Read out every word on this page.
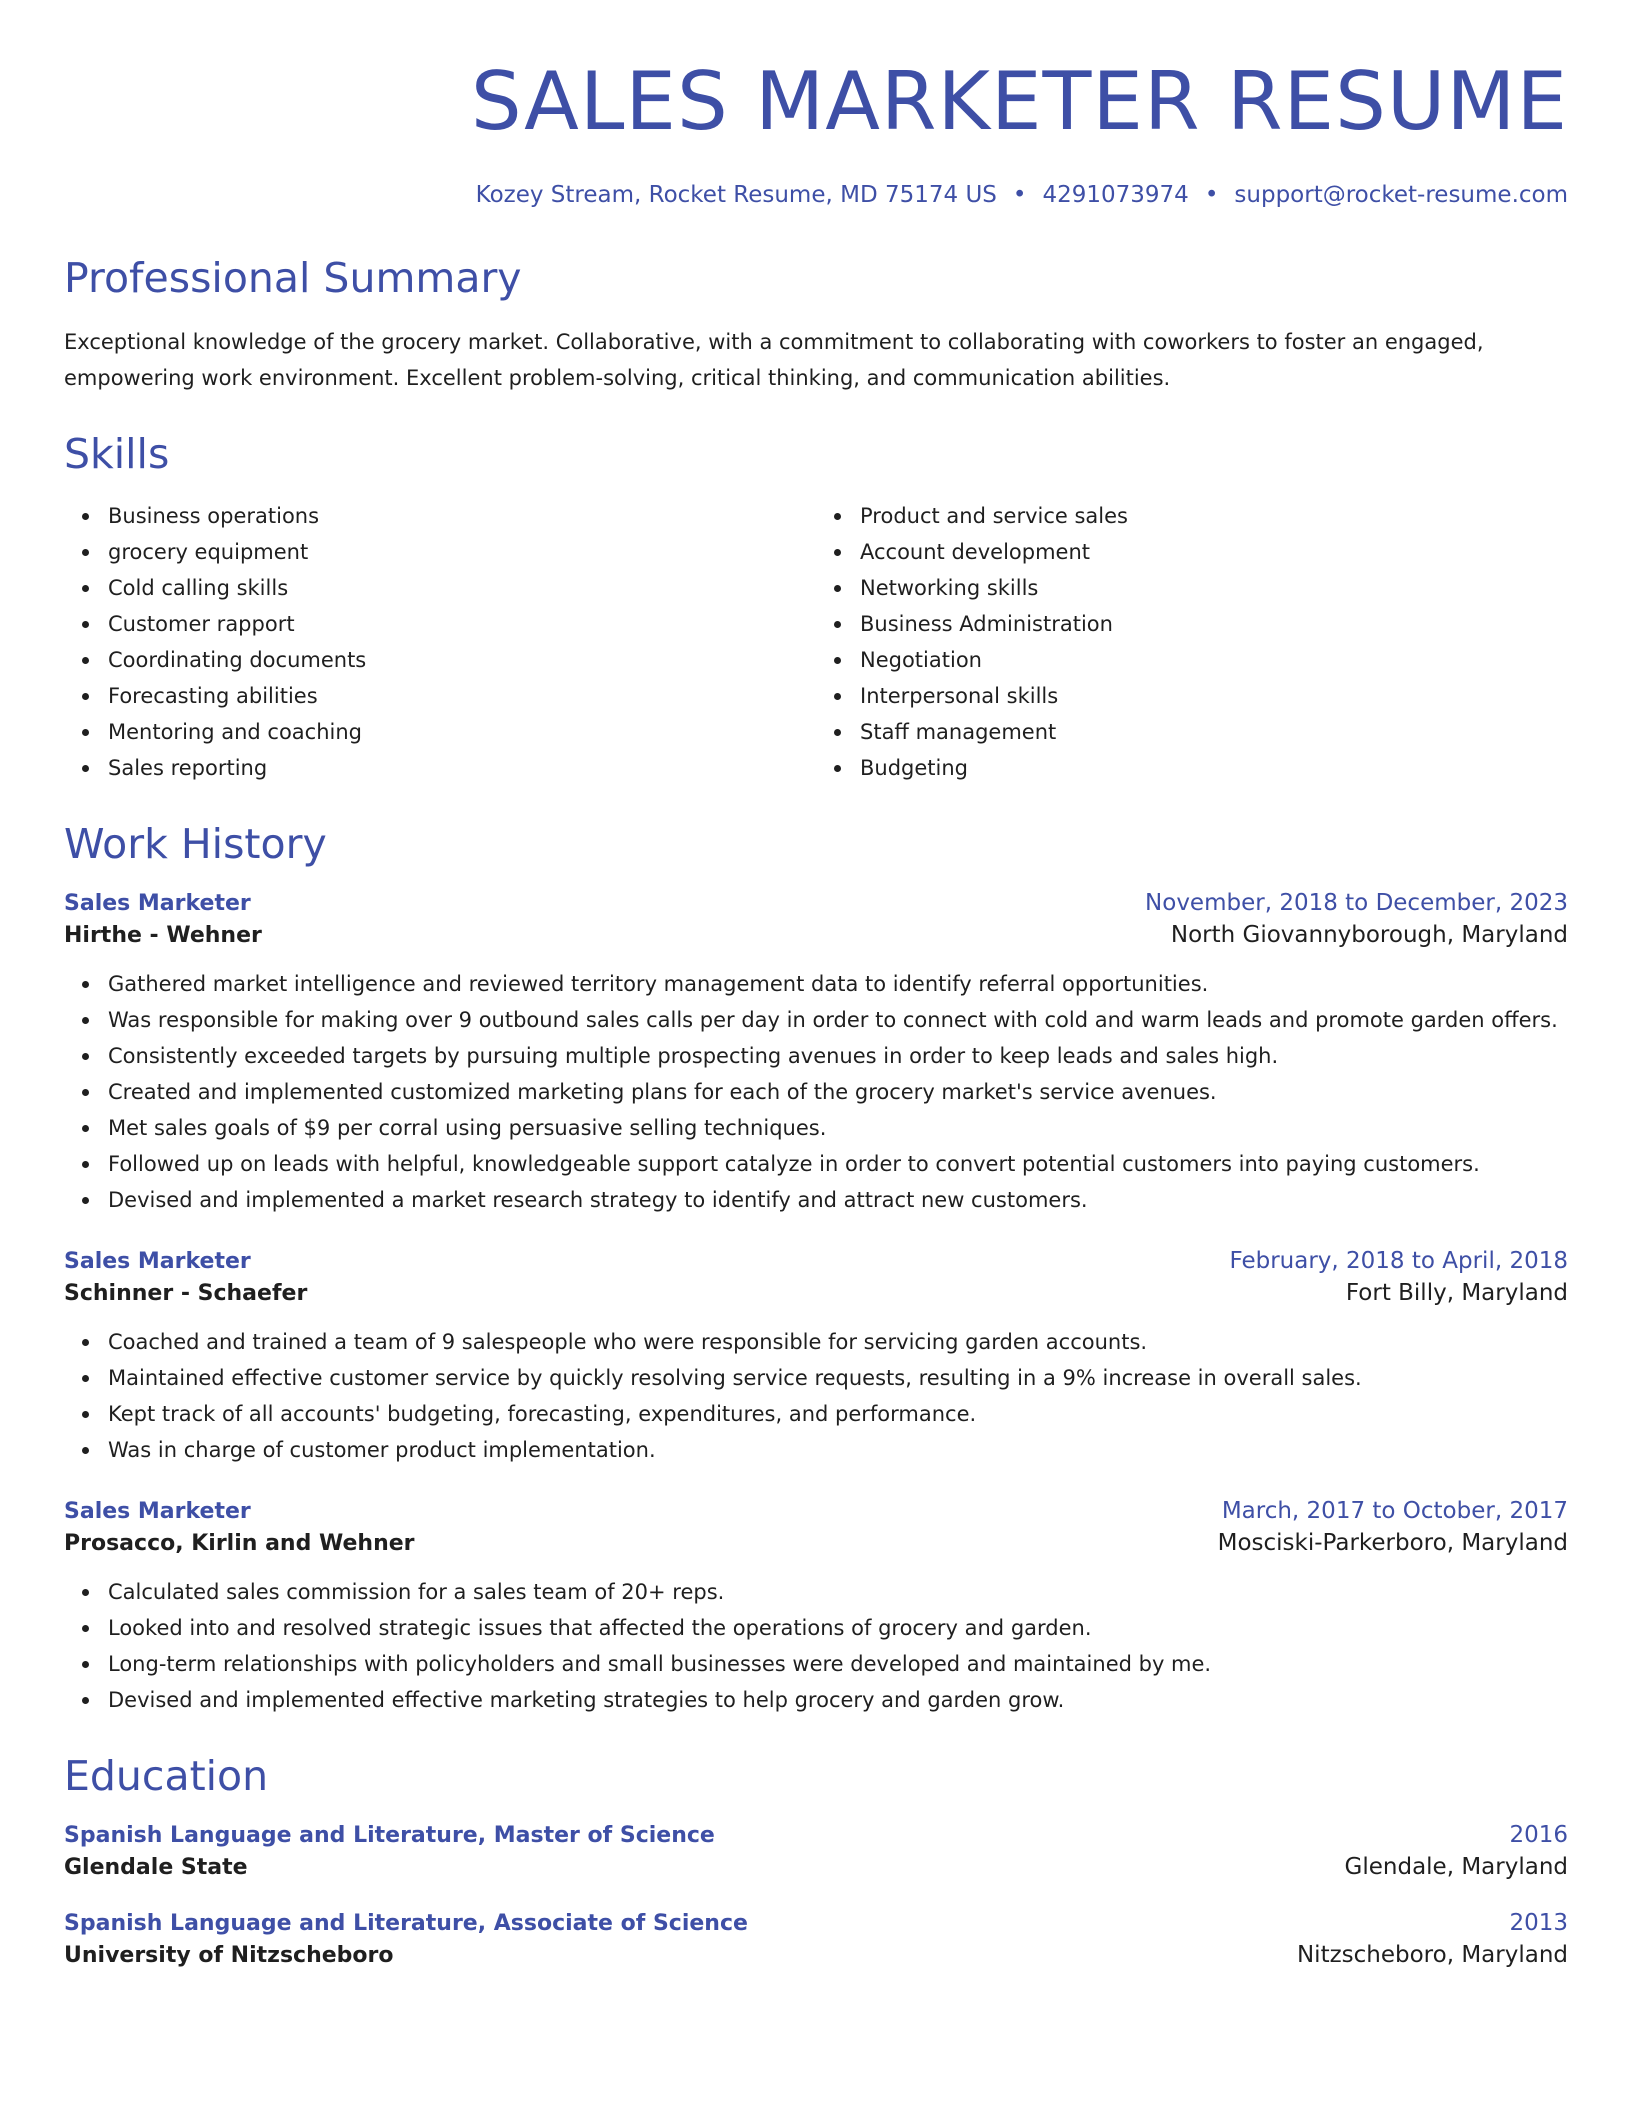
SALES MARKETER RESUME
Kozey Stream, Rocket Resume, MD 75174 US • 4291073974 • support@rocket-resume.com
Professional Summary
Exceptional knowledge of the grocery market. Collaborative, with a commitment to collaborating with coworkers to foster an engaged, empowering work environment. Excellent problem-solving, critical thinking, and communication abilities.
Skills
Business operations
grocery equipment
Cold calling skills
Customer rapport
Coordinating documents
Forecasting abilities
Mentoring and coaching
Sales reporting
Product and service sales
Account development
Networking skills
Business Administration
Negotiation
Interpersonal skills
Staff management
Budgeting
Work History
Sales Marketer	November, 2018 to December, 2023
Hirthe - Wehner	North Giovannyborough, Maryland
Gathered market intelligence and reviewed territory management data to identify referral opportunities.
Was responsible for making over 9 outbound sales calls per day in order to connect with cold and warm leads and promote garden offers.
Consistently exceeded targets by pursuing multiple prospecting avenues in order to keep leads and sales high.
Created and implemented customized marketing plans for each of the grocery market's service avenues.
Met sales goals of $9 per corral using persuasive selling techniques.
Followed up on leads with helpful, knowledgeable support catalyze in order to convert potential customers into paying customers.
Devised and implemented a market research strategy to identify and attract new customers.
Sales Marketer	February, 2018 to April, 2018
Schinner - Schaefer	Fort Billy, Maryland
Coached and trained a team of 9 salespeople who were responsible for servicing garden accounts.
Maintained effective customer service by quickly resolving service requests, resulting in a 9% increase in overall sales.
Kept track of all accounts' budgeting, forecasting, expenditures, and performance.
Was in charge of customer product implementation.
Sales Marketer	March, 2017 to October, 2017
Prosacco, Kirlin and Wehner	Mosciski-Parkerboro, Maryland
Calculated sales commission for a sales team of 20+ reps.
Looked into and resolved strategic issues that affected the operations of grocery and garden.
Long-term relationships with policyholders and small businesses were developed and maintained by me.
Devised and implemented effective marketing strategies to help grocery and garden grow.
Education
Spanish Language and Literature, Master of Science	2016
Glendale State	Glendale, Maryland
Spanish Language and Literature, Associate of Science	2013
University of Nitzscheboro	Nitzscheboro, Maryland
